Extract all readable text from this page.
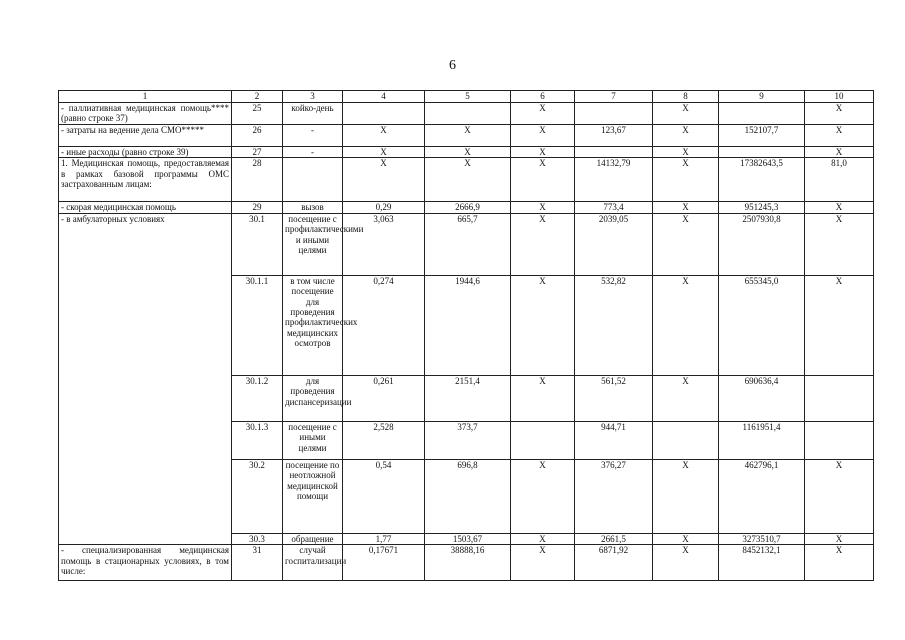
6
1	2	3	4	5	6	7	8	9	10
- паллиативная медицинская помощь**** (равно строке 37)	25	койко-день			X		X		X
- затраты на ведение дела СМО*****	26	-	X	X	X	123,67	X	152107,7	X
- иные расходы (равно строке 39)	27	-	X	X	X		X		X
1. Медицинская помощь, предоставляемая в рамках базовой программы ОМС застрахованным лицам:	28		X	X	X	14132,79	X	17382643,5	81,0
- скорая медицинская помощь	29	вызов	0,29	2666,9	X	773,4	X	951245,3	X
- в амбулаторных условиях	30.1	посещение с профилактическими и иными целями	3,063	665,7	X	2039,05	X	2507930,8	X
	30.1.1	в том числе посещение для проведения профилактических медицинских осмотров	0,274	1944,6	X	532,82	X	655345,0	X
	30.1.2	для проведения диспансеризации	0,261	2151,4	X	561,52	X	690636,4	
	30.1.3	посещение с иными целями	2,528	373,7		944,71		1161951,4	
	30.2	посещение по неотложной медицинской помощи	0,54	696,8	X	376,27	X	462796,1	X
	30.3	обращение	1,77	1503,67	X	2661,5	X	3273510,7	X
- специализированная медицинская помощь в стационарных условиях, в том числе:	31	случай госпитализации	0,17671	38888,16	X	6871,92	X	8452132,1	X
